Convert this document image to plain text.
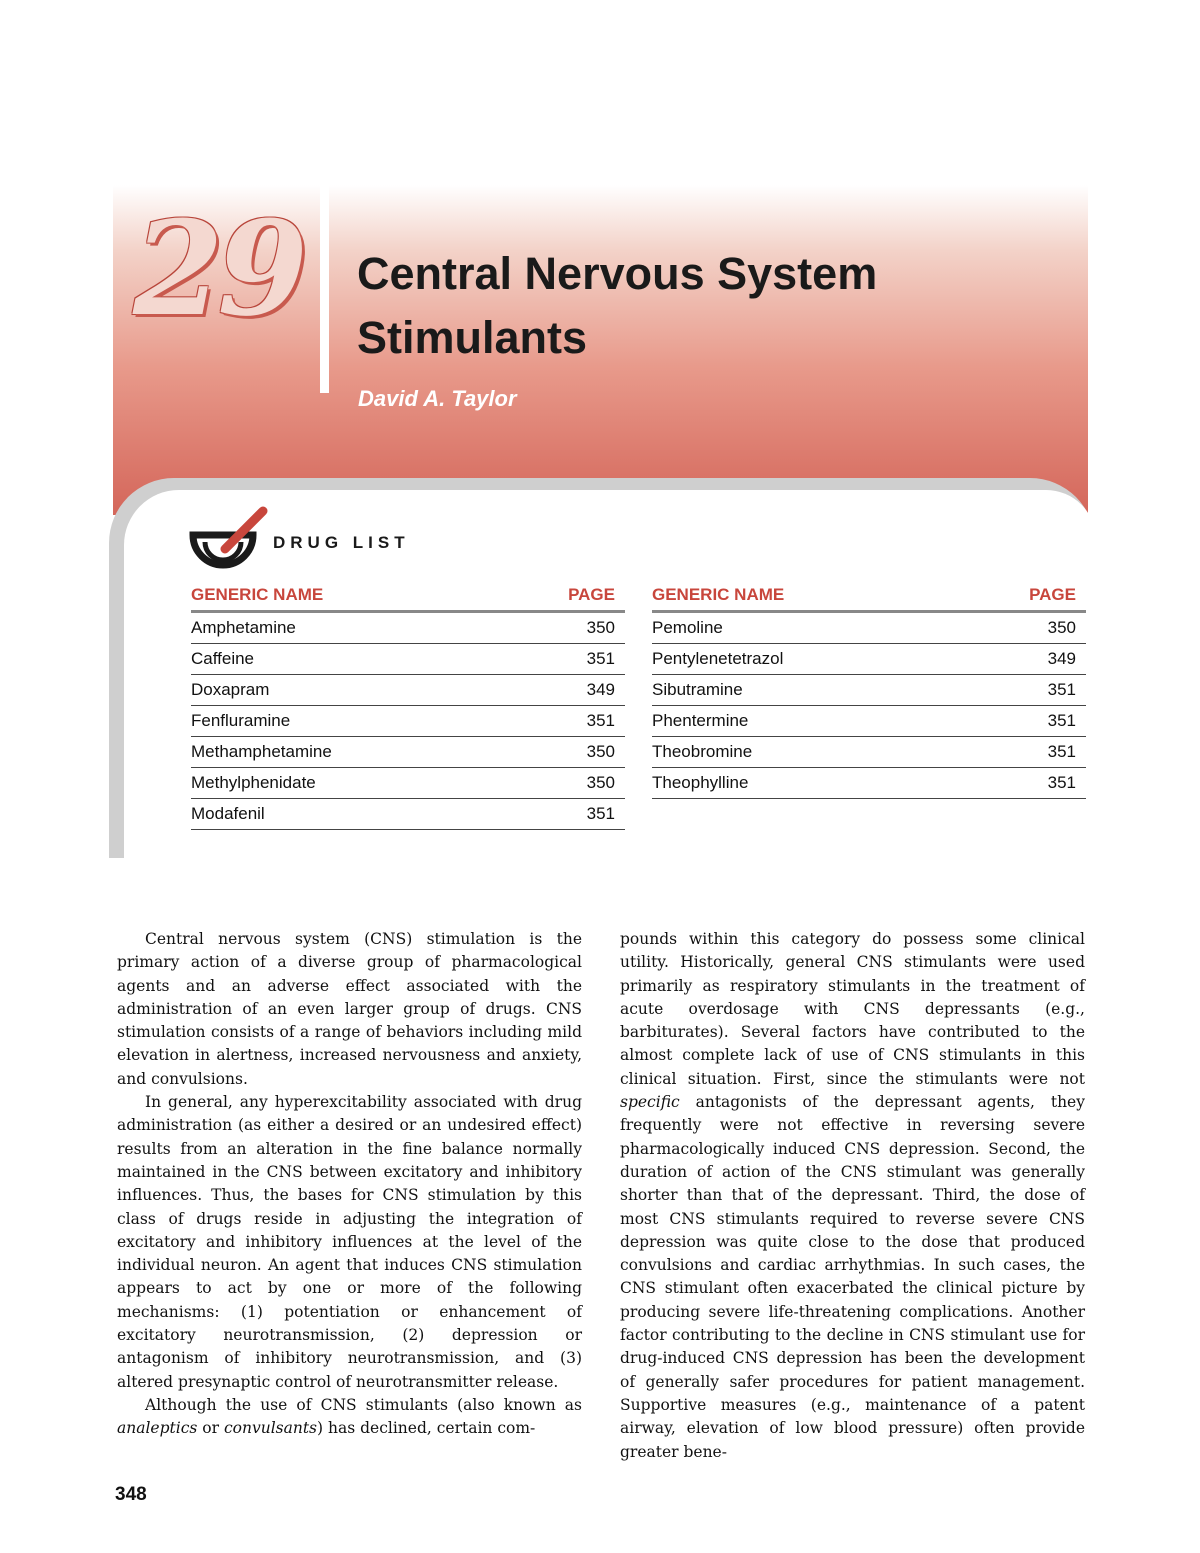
29 Central Nervous System
Stimulants
David A. Taylor
DRUG LIST
GENERIC NAME	PAGE
Amphetamine	350
Caffeine	351
Doxapram	349
Fenfluramine	351
Methamphetamine	350
Methylphenidate	350
Modafenil	351
GENERIC NAME	PAGE
Pemoline	350
Pentylenetetrazol	349
Sibutramine	351
Phentermine	351
Theobromine	351
Theophylline	351

Central nervous system (CNS) stimulation is the primary action of a diverse group of pharmacological agents and an adverse effect associated with the administration of an even larger group of drugs. CNS stimulation consists of a range of behaviors including mild elevation in alertness, increased nervousness and anxiety, and convulsions.

In general, any hyperexcitability associated with drug administration (as either a desired or an undesired effect) results from an alteration in the fine balance normally maintained in the CNS between excitatory and inhibitory influences. Thus, the bases for CNS stimulation by this class of drugs reside in adjusting the integration of excitatory and inhibitory influences at the level of the individual neuron. An agent that induces CNS stimulation appears to act by one or more of the following mechanisms: (1) potentiation or enhancement of excitatory neurotransmission, (2) depression or antagonism of inhibitory neurotransmission, and (3) altered presynaptic control of neurotransmitter release.

Although the use of CNS stimulants (also known as analeptics or convulsants) has declined, certain com-

pounds within this category do possess some clinical utility. Historically, general CNS stimulants were used primarily as respiratory stimulants in the treatment of acute overdosage with CNS depressants (e.g., barbiturates). Several factors have contributed to the almost complete lack of use of CNS stimulants in this clinical situation. First, since the stimulants were not specific antagonists of the depressant agents, they frequently were not effective in reversing severe pharmacologically induced CNS depression. Second, the duration of action of the CNS stimulant was generally shorter than that of the depressant. Third, the dose of most CNS stimulants required to reverse severe CNS depression was quite close to the dose that produced convulsions and cardiac arrhythmias. In such cases, the CNS stimulant often exacerbated the clinical picture by producing severe life-threatening complications. Another factor contributing to the decline in CNS stimulant use for drug-induced CNS depression has been the development of generally safer procedures for patient management. Supportive measures (e.g., maintenance of a patent airway, elevation of low blood pressure) often provide greater bene-

348
